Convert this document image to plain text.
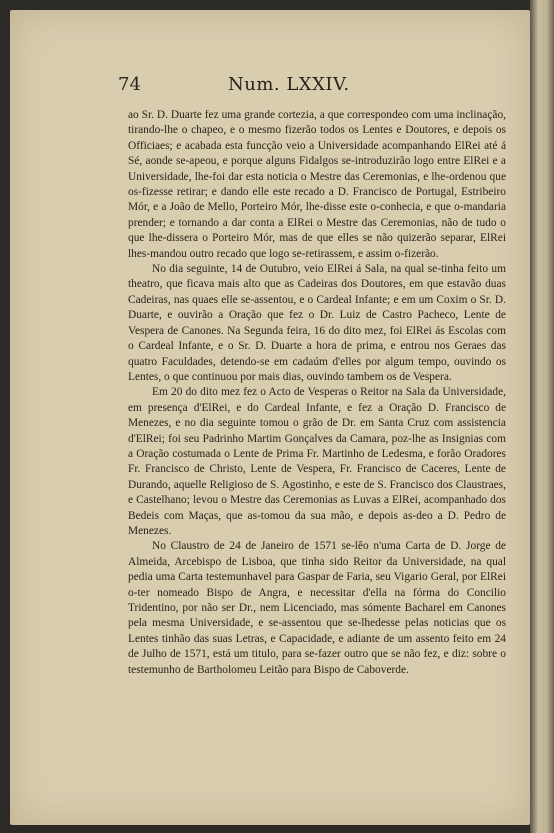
74	Num. LXXIV.

ao Sr. D. Duarte fez uma grande cortezia, a que correspondeo com uma inclinação, tirando-lhe o chapeo, e o mesmo fizerão todos os Lentes e Doutores, e depois os Officiaes; e acabada esta funcção veio a Universidade acompanhando ElRei até á Sé, aonde se-apeou, e porque alguns Fidalgos se-introduzirão logo entre ElRei e a Universidade, lhe-foi dar esta noticia o Mestre das Ceremonias, e lhe-ordenou que os-fizesse retirar; e dando elle este recado a D. Francisco de Portugal, Estribeiro Mór, e a João de Mello, Porteiro Mór, lhe-disse este o-conhecia, e que o-mandaria prender; e tornando a dar conta a ElRei o Mestre das Ceremonias, não de tudo o que lhe-dissera o Porteiro Mór, mas de que elles se não quizerão separar, ElRei lhes-mandou outro recado que logo se-retirassem, e assim o-fizerão.

No dia seguinte, 14 de Outubro, veio ElRei á Sala, na qual se-tinha feito um theatro, que ficava mais alto que as Cadeiras dos Doutores, em que estavão duas Cadeiras, nas quaes elle se-assentou, e o Cardeal Infante; e em um Coxim o Sr. D. Duarte, e ouvirão a Oração que fez o Dr. Luiz de Castro Pacheco, Lente de Vespera de Canones. Na Segunda feira, 16 do dito mez, foi ElRei ás Escolas com o Cardeal Infante, e o Sr. D. Duarte a hora de prima, e entrou nos Geraes das quatro Faculdades, detendo-se em cadaúm d'elles por algum tempo, ouvindo os Lentes, o que continuou por mais dias, ouvindo tambem os de Vespera.

Em 20 do dito mez fez o Acto de Vesperas o Reitor na Sala da Universidade, em presença d'ElRei, e do Cardeal Infante, e fez a Oração D. Francisco de Menezes, e no dia seguinte tomou o grão de Dr. em Santa Cruz com assistencia d'ElRei; foi seu Padrinho Martim Gonçalves da Camara, poz-lhe as Insignias com a Oração costumada o Lente de Prima Fr. Martinho de Ledesma, e forão Oradores Fr. Francisco de Christo, Lente de Vespera, Fr. Francisco de Caceres, Lente de Durando, aquelle Religioso de S. Agostinho, e este de S. Francisco dos Claustraes, e Castelhano; levou o Mestre das Ceremonias as Luvas a ElRei, acompanhado dos Bedeis com Maças, que as-tomou da sua mão, e depois as-deo a D. Pedro de Menezes.

No Claustro de 24 de Janeiro de 1571 se-lêo n'uma Carta de D. Jorge de Almeida, Arcebispo de Lisboa, que tinha sido Reitor da Universidade, na qual pedia uma Carta testemunhavel para Gaspar de Faria, seu Vigario Geral, por ElRei o-ter nomeado Bispo de Angra, e necessitar d'ella na fórma do Concilio Tridentino, por não ser Dr., nem Licenciado, mas sómente Bacharel em Canones pela mesma Universidade, e se-assentou que se-lhedesse pelas noticias que os Lentes tinhão das suas Letras, e Capacidade, e adiante de um assento feito em 24 de Julho de 1571, está um titulo, para se-fazer outro que se não fez, e diz: sobre o testemunho de Bartholomeu Leitão para Bispo de Caboverde.
